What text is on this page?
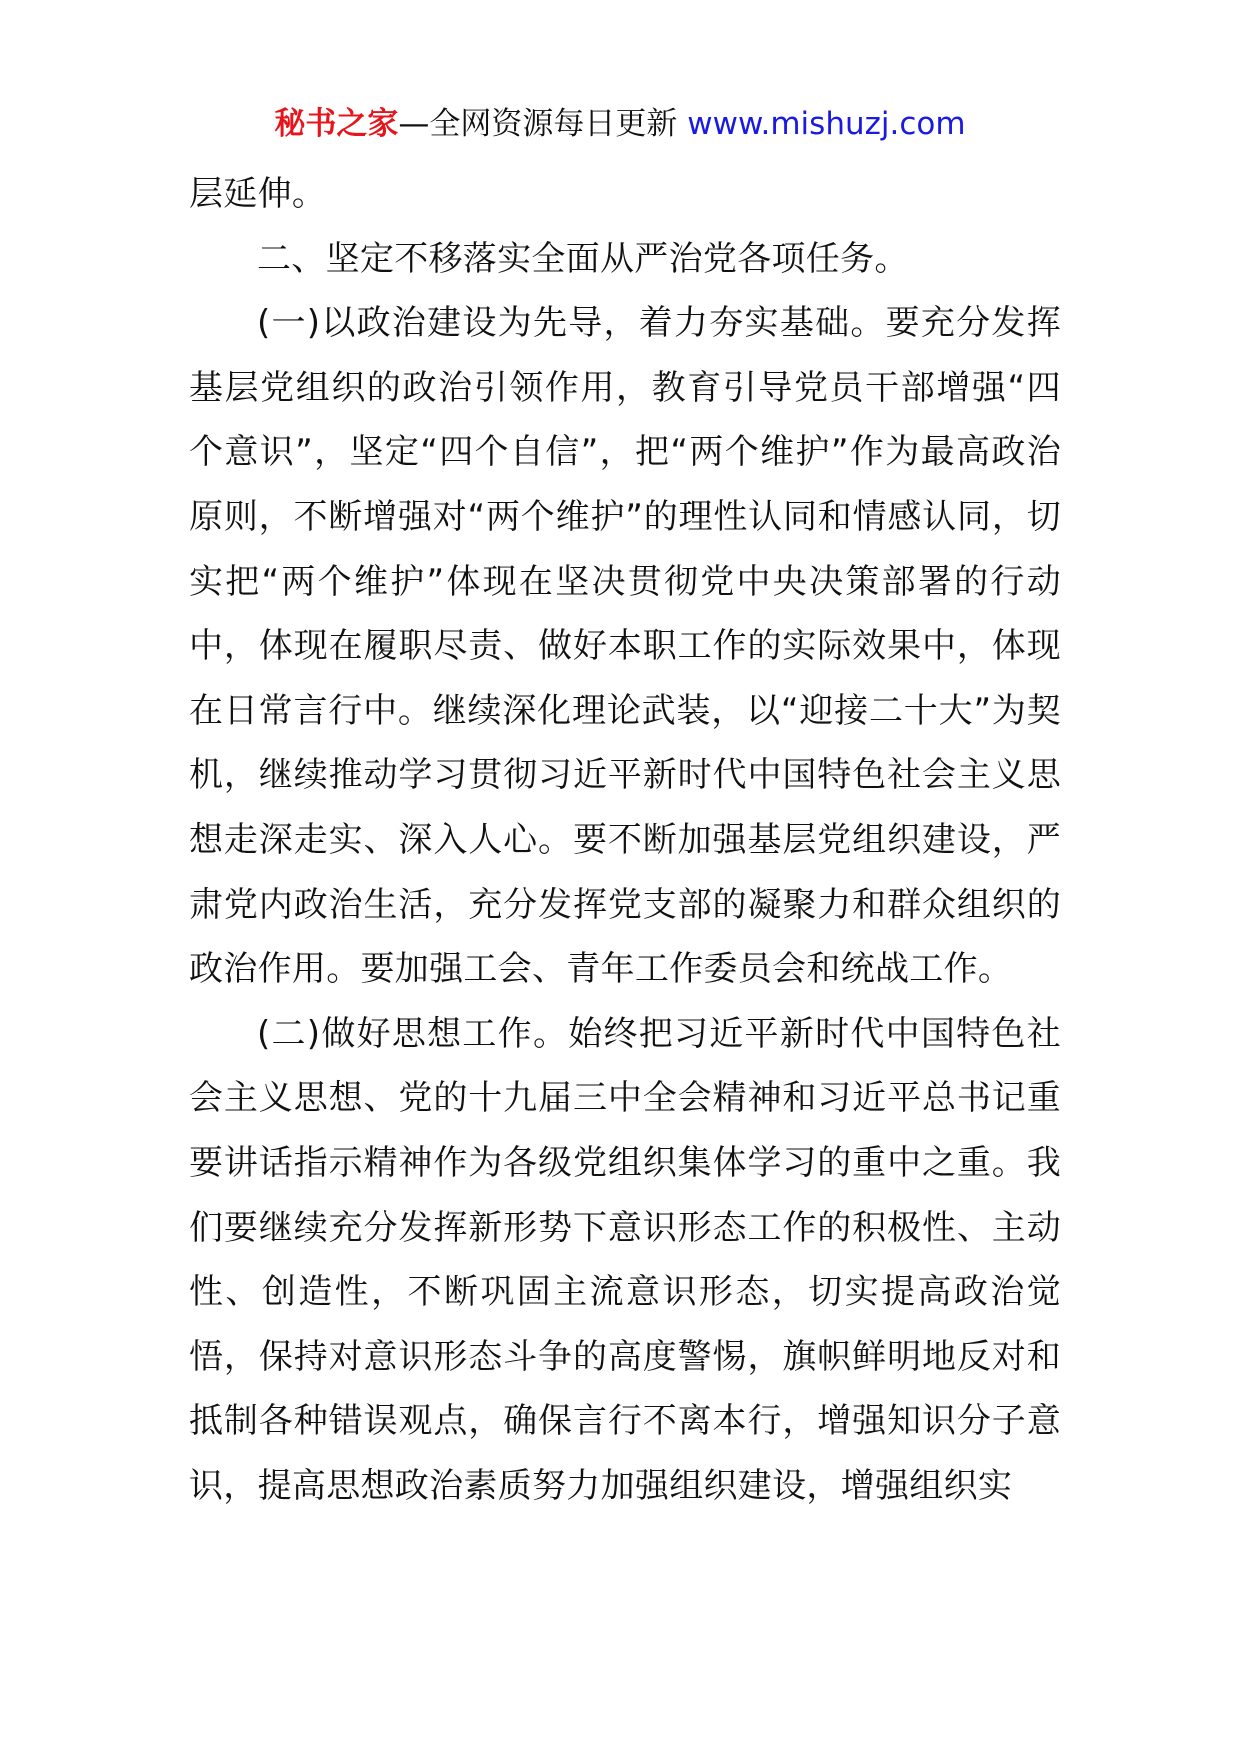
秘书之家—全网资源每日更新 www.mishuzj.com

层延伸。

二、坚定不移落实全面从严治党各项任务。

(一)以政治建设为先导，着力夯实基础。要充分发挥基层党组织的政治引领作用，教育引导党员干部增强“四个意识”，坚定“四个自信”，把“两个维护”作为最高政治原则，不断增强对“两个维护”的理性认同和情感认同，切实把“两个维护”体现在坚决贯彻党中央决策部署的行动中，体现在履职尽责、做好本职工作的实际效果中，体现在日常言行中。继续深化理论武装，以“迎接二十大”为契机，继续推动学习贯彻习近平新时代中国特色社会主义思想走深走实、深入人心。要不断加强基层党组织建设，严肃党内政治生活，充分发挥党支部的凝聚力和群众组织的政治作用。要加强工会、青年工作委员会和统战工作。

(二)做好思想工作。始终把习近平新时代中国特色社会主义思想、党的十九届三中全会精神和习近平总书记重要讲话指示精神作为各级党组织集体学习的重中之重。我们要继续充分发挥新形势下意识形态工作的积极性、主动性、创造性，不断巩固主流意识形态，切实提高政治觉悟，保持对意识形态斗争的高度警惕，旗帜鲜明地反对和抵制各种错误观点，确保言行不离本行，增强知识分子意识，提高思想政治素质努力加强组织建设，增强组织实
